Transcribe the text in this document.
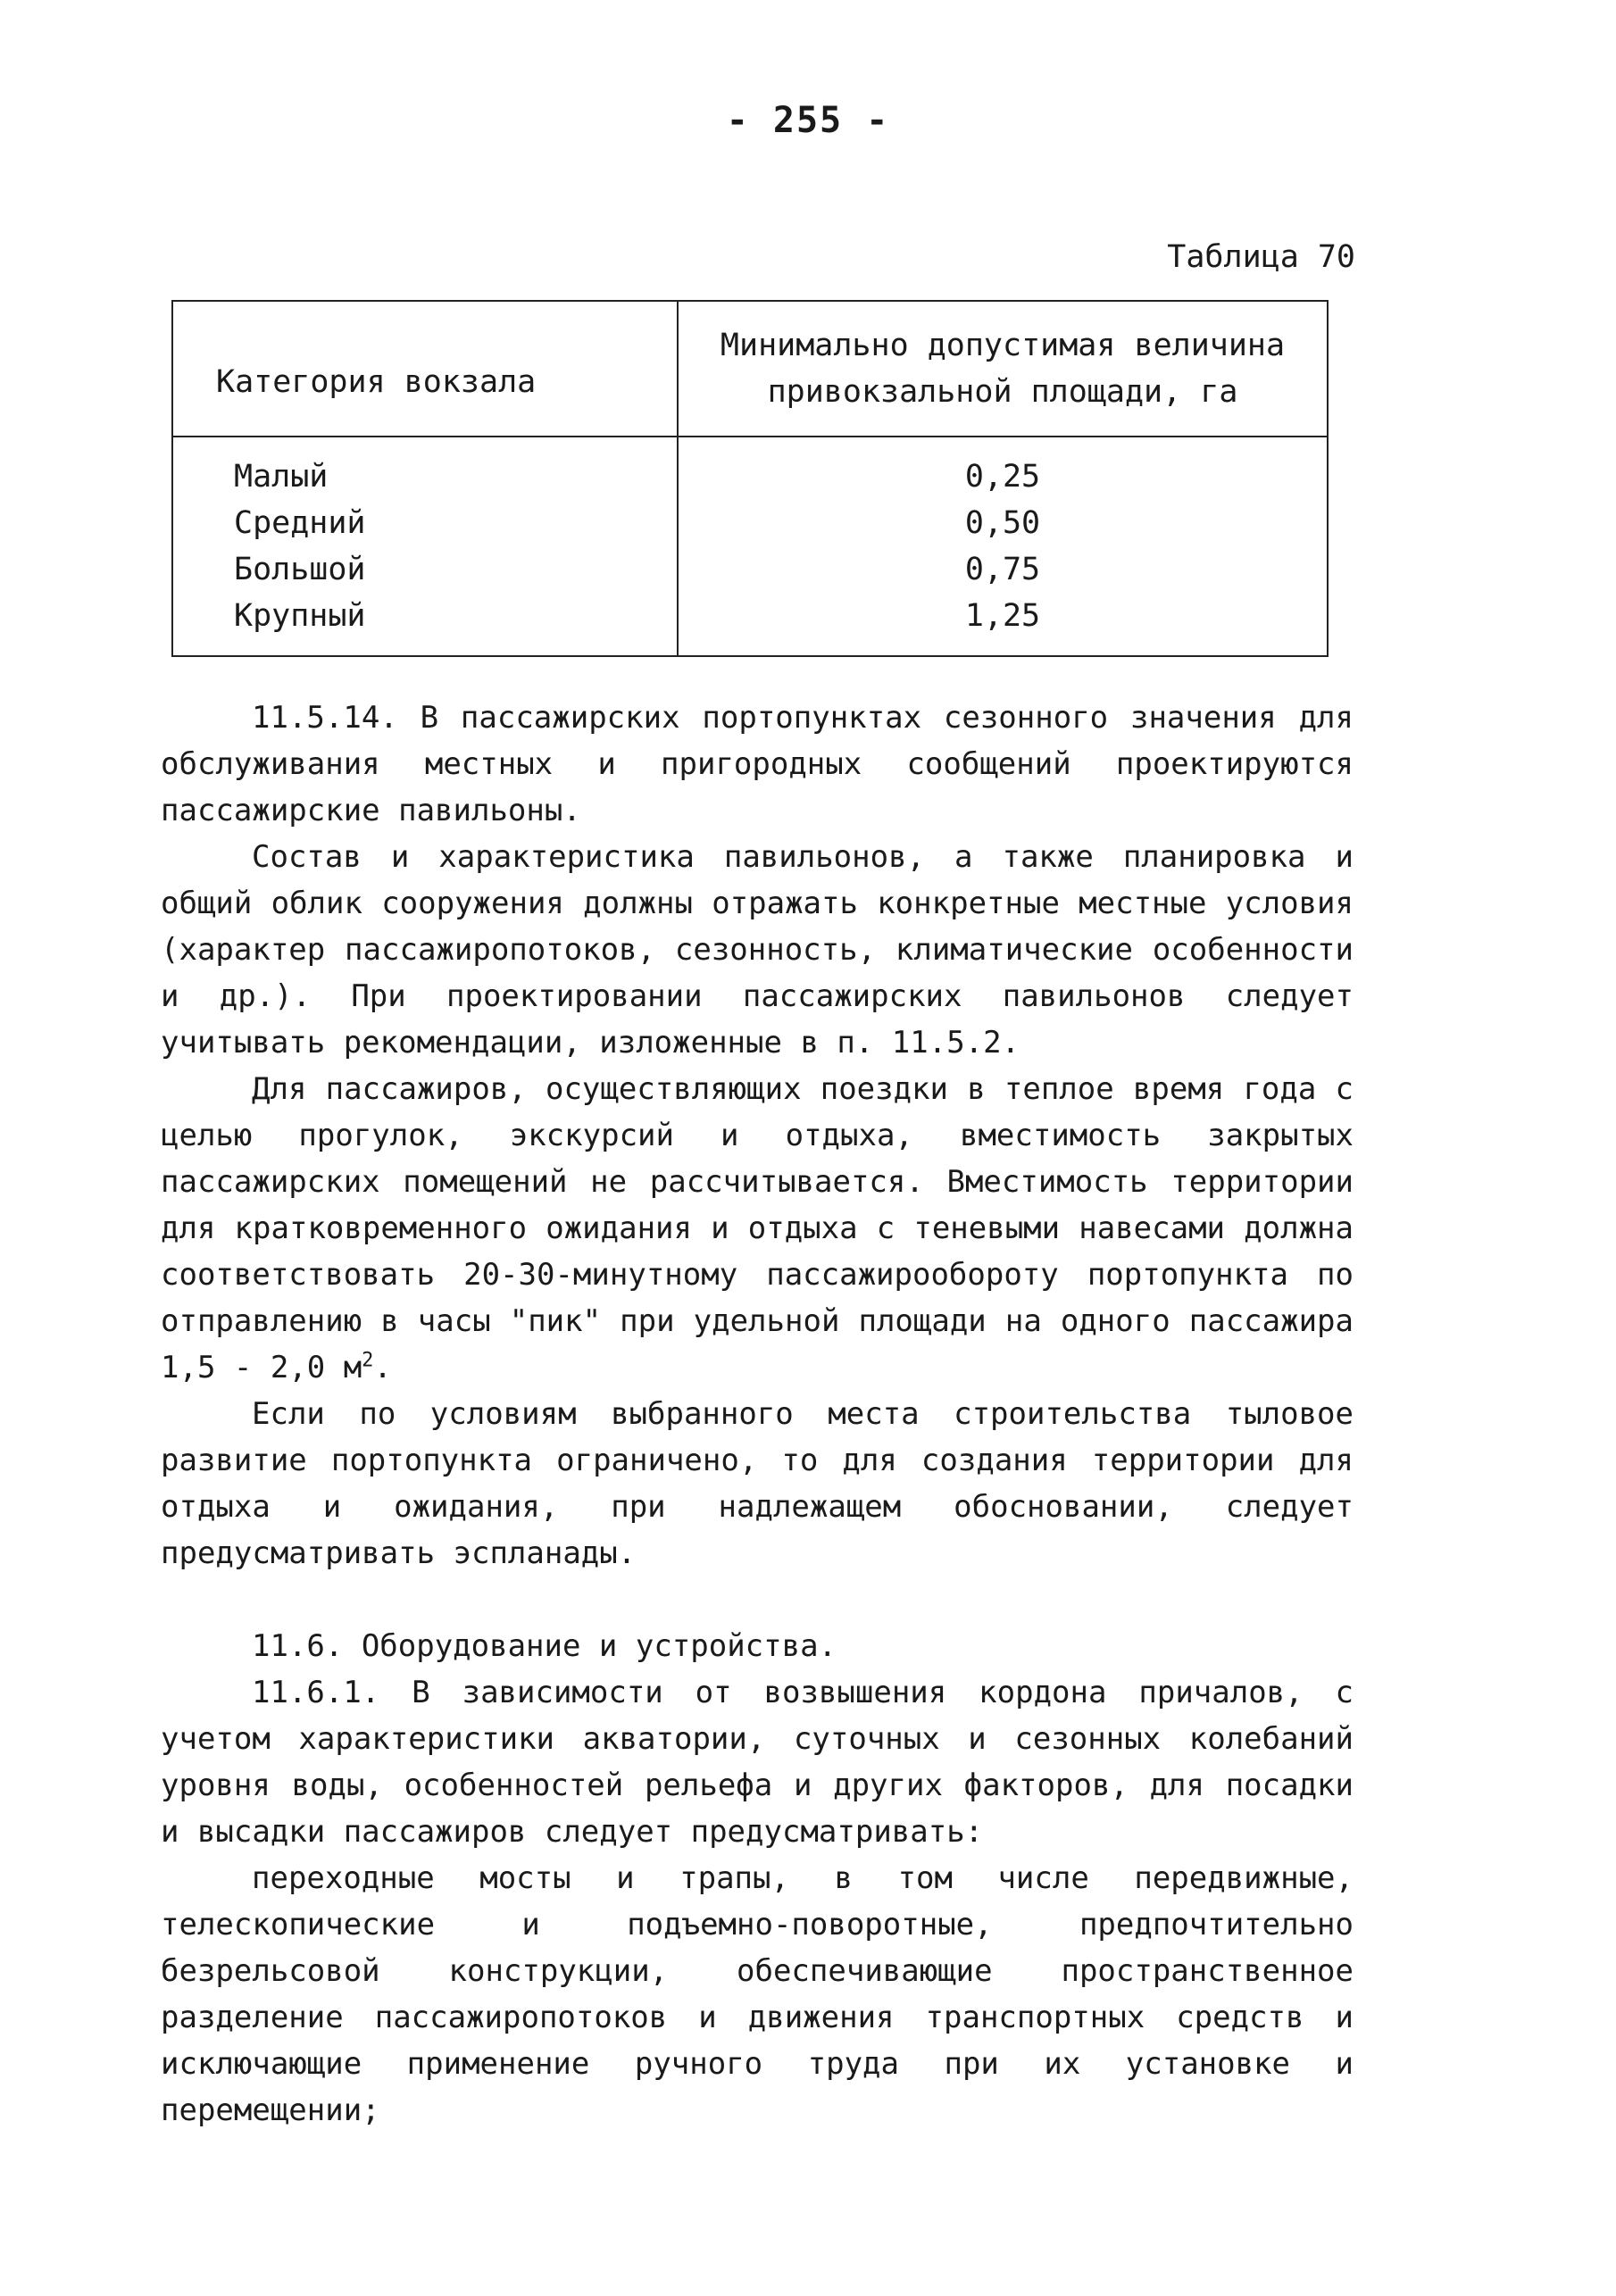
- 255 -
Таблица 70
Категория вокзала	Минимально допустимая величина привокзальной площади, га
Малый	0,25
Средний	0,50
Большой	0,75
Крупный	1,25

11.5.14. В пассажирских портопунктах сезонного значения для обслуживания местных и пригородных сообщений проектируются пассажирские павильоны.

Состав и характеристика павильонов, а также планировка и общий облик сооружения должны отражать конкретные местные условия (характер пассажиропотоков, сезонность, климатические особенности и др.). При проектировании пассажирских павильонов следует учитывать рекомендации, изложенные в п. 11.5.2.

Для пассажиров, осуществляющих поездки в теплое время года с целью прогулок, экскурсий и отдыха, вместимость закрытых пассажирских помещений не рассчитывается. Вместимость территории для кратковременного ожидания и отдыха с теневыми навесами должна соответствовать 20-30-минутному пассажирообороту портопункта по отправлению в часы "пик" при удельной площади на одного пассажира 1,5 - 2,0 $м^2$.

Если по условиям выбранного места строительства тыловое развитие портопункта ограничено, то для создания территории для отдыха и ожидания, при надлежащем обосновании, следует предусматривать эспланады.

11.6. Оборудование и устройства.

11.6.1. В зависимости от возвышения кордона причалов, с учетом характеристики акватории, суточных и сезонных колебаний уровня воды, особенностей рельефа и других факторов, для посадки и высадки пассажиров следует предусматривать:

переходные мосты и трапы, в том числе передвижные, телескопические и подъемно-поворотные, предпочтительно безрельсовой конструкции, обеспечивающие пространственное разделение пассажиропотоков и движения транспортных средств и исключающие применение ручного труда при их установке и перемещении;
